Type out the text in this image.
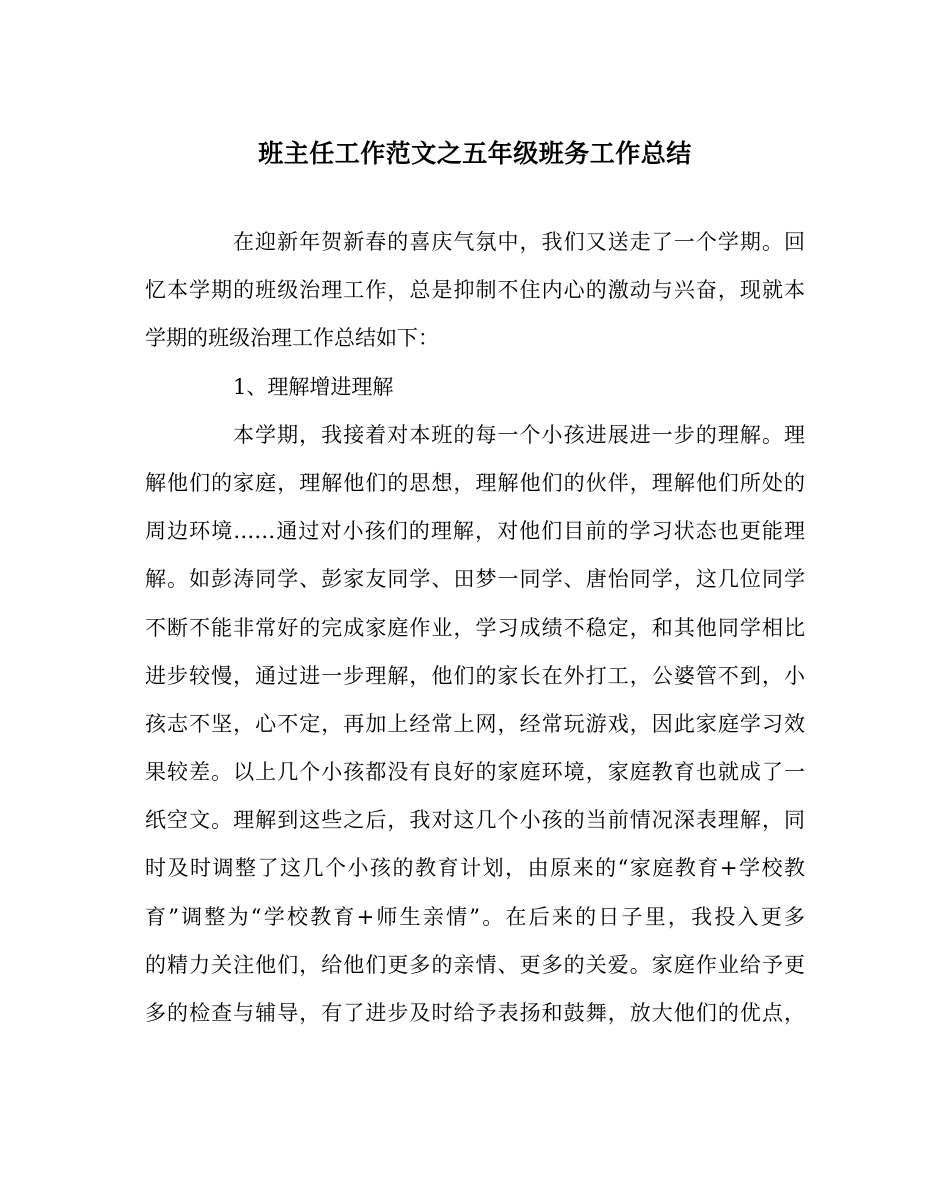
班主任工作范文之五年级班务工作总结
在迎新年贺新春的喜庆气氛中，我们又送走了一个学期。回
忆本学期的班级治理工作，总是抑制不住内心的激动与兴奋，现就本
学期的班级治理工作总结如下：
1、理解增进理解
本学期，我接着对本班的每一个小孩进展进一步的理解。理
解他们的家庭，理解他们的思想，理解他们的伙伴，理解他们所处的
周边环境……通过对小孩们的理解，对他们目前的学习状态也更能理
解。如彭涛同学、彭家友同学、田梦一同学、唐怡同学，这几位同学
不断不能非常好的完成家庭作业，学习成绩不稳定，和其他同学相比
进步较慢，通过进一步理解，他们的家长在外打工，公婆管不到，小
孩志不坚，心不定，再加上经常上网，经常玩游戏，因此家庭学习效
果较差。以上几个小孩都没有良好的家庭环境，家庭教育也就成了一
纸空文。理解到这些之后，我对这几个小孩的当前情况深表理解，同
时及时调整了这几个小孩的教育计划，由原来的“家庭教育+学校教
育”调整为“学校教育+师生亲情”。在后来的日子里，我投入更多
的精力关注他们，给他们更多的亲情、更多的关爱。家庭作业给予更
多的检查与辅导，有了进步及时给予表扬和鼓舞，放大他们的优点，
